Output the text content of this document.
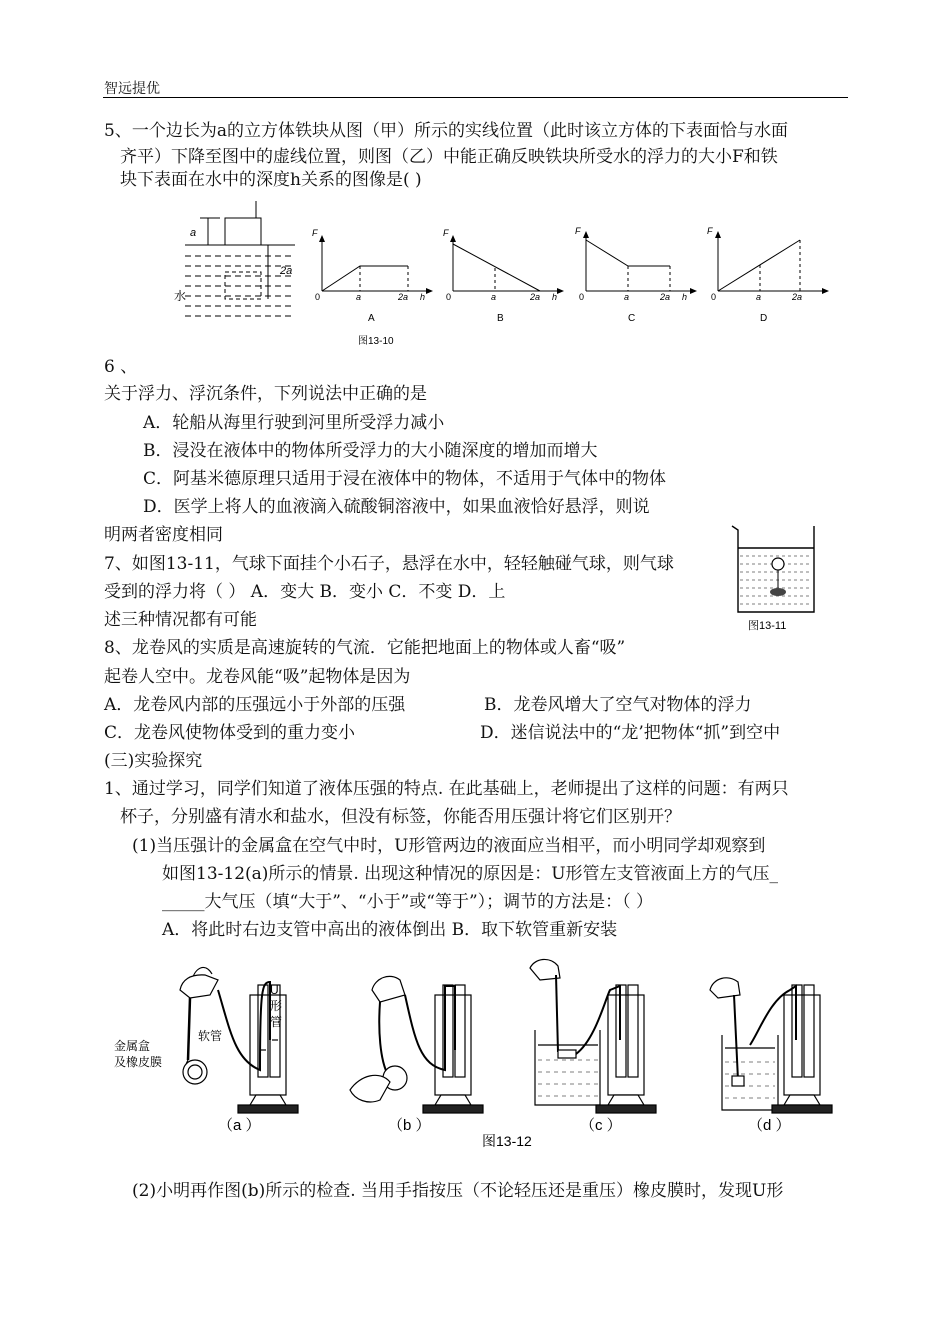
智远提优
5、一个边长为a的立方体铁块从图（甲）所示的实线位置（此时该立方体的下表面恰与水面
齐平）下降至图中的虚线位置，则图（乙）中能正确反映铁块所受水的浮力的大小F和铁
块下表面在水中的深度h关系的图像是( )
a
2a
水
F
0	a	2a h
A
F
0	a	2a h
B
F
0	a	2a h
C
F
0	a	2a
D
图13-10
6 、
关于浮力、浮沉条件，下列说法中正确的是
A．轮船从海里行驶到河里所受浮力减小
B．浸没在液体中的物体所受浮力的大小随深度的增加而增大
C．阿基米德原理只适用于浸在液体中的物体，不适用于气体中的物体
D．医学上将人的血液滴入硫酸铜溶液中，如果血液恰好悬浮，则说
明两者密度相同
7、如图13-11，气球下面挂个小石子，悬浮在水中，轻轻触碰气球，则气球
受到的浮力将（ ） A．变大 B．变小 C．不变 D．上
述三种情况都有可能	图13-11
8、龙卷风的实质是高速旋转的气流．它能把地面上的物体或人畜“吸”
起卷人空中。龙卷风能“吸”起物体是因为
A．龙卷风内部的压强远小于外部的压强	B．龙卷风增大了空气对物体的浮力
C．龙卷风使物体受到的重力变小	D．迷信说法中的“龙’把物体“抓”到空中
(三)实验探究
1、通过学习，同学们知道了液体压强的特点. 在此基础上，老师提出了这样的问题：有两只
杯子，分别盛有清水和盐水，但没有标签，你能否用压强计将它们区别开？
(1)当压强计的金属盒在空气中时，U形管两边的液面应当相平，而小明同学却观察到
如图13-12(a)所示的情景. 出现这种情况的原因是：U形管左支管液面上方的气压_
_____大气压（填“大于”、“小于”或“等于”）；调节的方法是：（ ）
A．将此时右边支管中高出的液体倒出 B．取下软管重新安装
U
形
管
软管
金属盒
及橡皮膜
（a ）	（b ）	（c ）	（d ）
图13-12
(2)小明再作图(b)所示的检查. 当用手指按压（不论轻压还是重压）橡皮膜时，发现U形
